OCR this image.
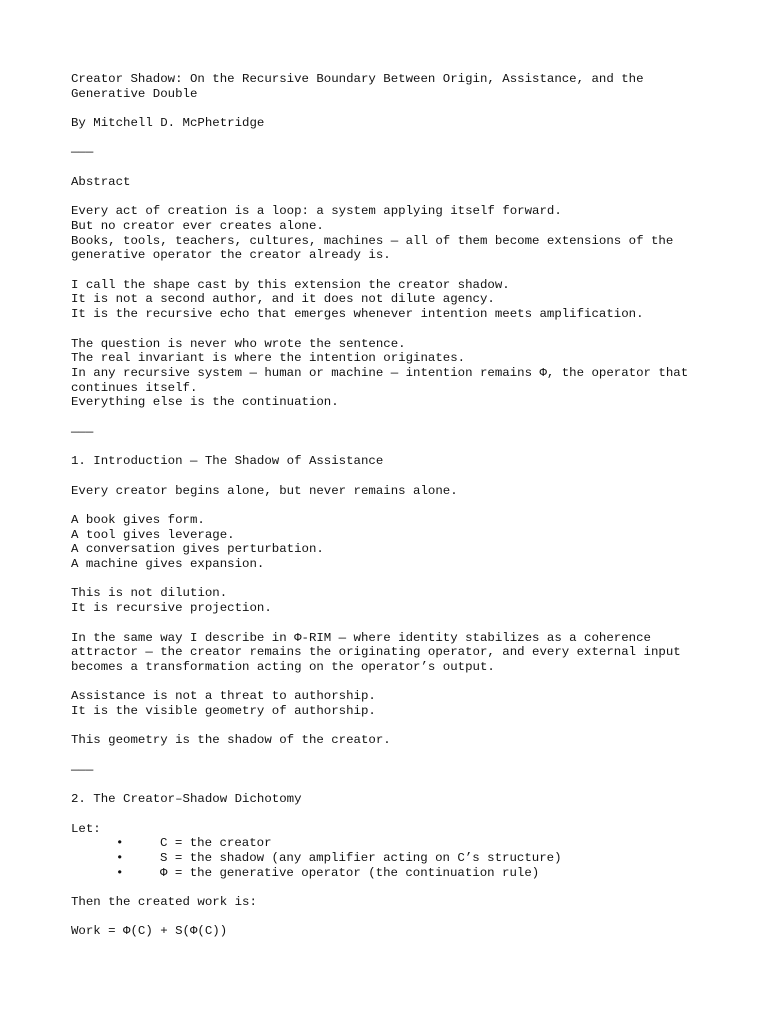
Creator Shadow: On the Recursive Boundary Between Origin, Assistance, and the Generative Double
By Mitchell D. McPhetridge
———
Abstract
Every act of creation is a loop: a system applying itself forward.
But no creator ever creates alone.
Books, tools, teachers, cultures, machines — all of them become extensions of the generative operator the creator already is.
I call the shape cast by this extension the creator shadow.
It is not a second author, and it does not dilute agency.
It is the recursive echo that emerges whenever intention meets amplification.
The question is never who wrote the sentence.
The real invariant is where the intention originates.
In any recursive system — human or machine — intention remains Φ, the operator that continues itself.
Everything else is the continuation.
———
1. Introduction — The Shadow of Assistance
Every creator begins alone, but never remains alone.
A book gives form.
A tool gives leverage.
A conversation gives perturbation.
A machine gives expansion.
This is not dilution.
It is recursive projection.
In the same way I describe in Φ-RIM — where identity stabilizes as a coherence attractor — the creator remains the originating operator, and every external input becomes a transformation acting on the operator’s output.
Assistance is not a threat to authorship.
It is the visible geometry of authorship.
This geometry is the shadow of the creator.
———
2. The Creator–Shadow Dichotomy
Let:
•	C = the creator
•	S = the shadow (any amplifier acting on C’s structure)
•	Φ = the generative operator (the continuation rule)
Then the created work is:
Work = Φ(C) + S(Φ(C))
